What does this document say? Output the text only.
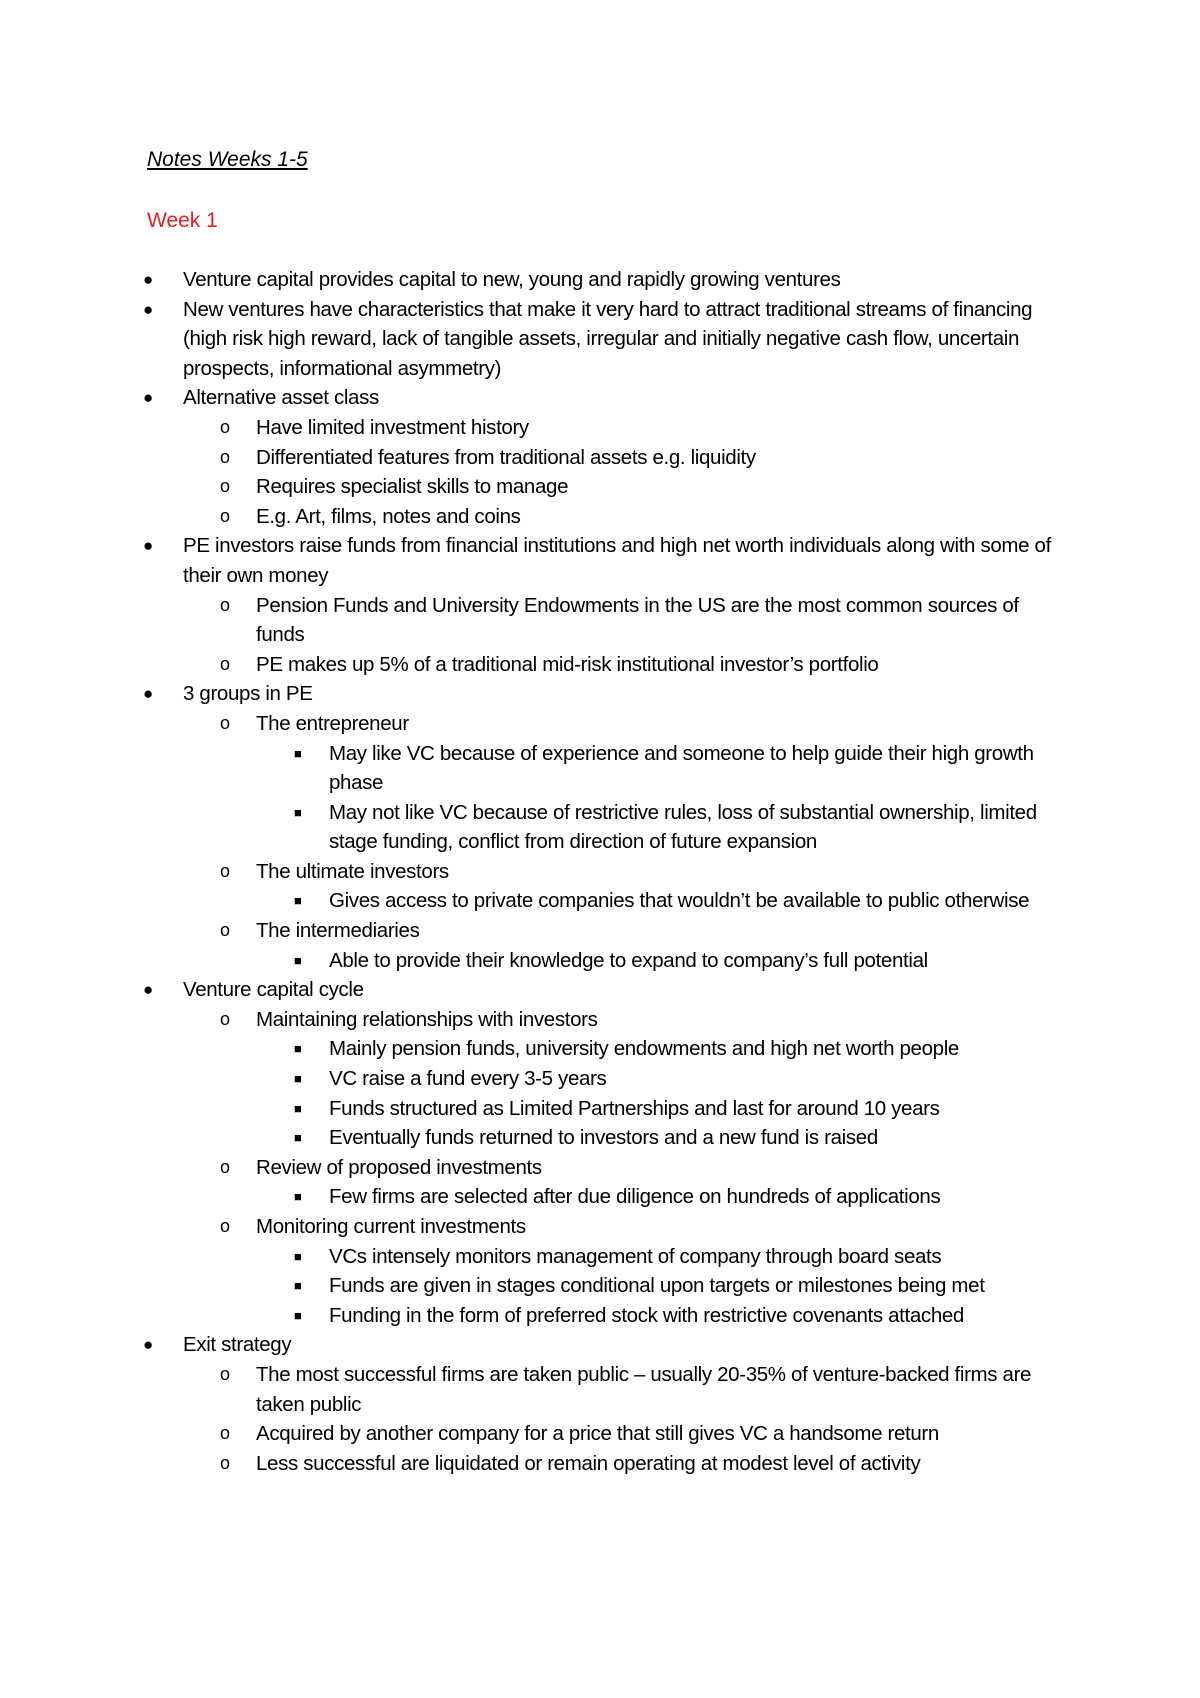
Notes Weeks 1-5
Week 1
● Venture capital provides capital to new, young and rapidly growing ventures
● New ventures have characteristics that make it very hard to attract traditional streams of financing (high risk high reward, lack of tangible assets, irregular and initially negative cash flow, uncertain prospects, informational asymmetry)
● Alternative asset class
o Have limited investment history
o Differentiated features from traditional assets e.g. liquidity
o Requires specialist skills to manage
o E.g. Art, films, notes and coins
● PE investors raise funds from financial institutions and high net worth individuals along with some of their own money
o Pension Funds and University Endowments in the US are the most common sources of funds
o PE makes up 5% of a traditional mid-risk institutional investor’s portfolio
● 3 groups in PE
o The entrepreneur
■ May like VC because of experience and someone to help guide their high growth phase
■ May not like VC because of restrictive rules, loss of substantial ownership, limited stage funding, conflict from direction of future expansion
o The ultimate investors
■ Gives access to private companies that wouldn’t be available to public otherwise
o The intermediaries
■ Able to provide their knowledge to expand to company’s full potential
● Venture capital cycle
o Maintaining relationships with investors
■ Mainly pension funds, university endowments and high net worth people
■ VC raise a fund every 3-5 years
■ Funds structured as Limited Partnerships and last for around 10 years
■ Eventually funds returned to investors and a new fund is raised
o Review of proposed investments
■ Few firms are selected after due diligence on hundreds of applications
o Monitoring current investments
■ VCs intensely monitors management of company through board seats
■ Funds are given in stages conditional upon targets or milestones being met
■ Funding in the form of preferred stock with restrictive covenants attached
● Exit strategy
o The most successful firms are taken public – usually 20-35% of venture-backed firms are taken public
o Acquired by another company for a price that still gives VC a handsome return
o Less successful are liquidated or remain operating at modest level of activity
